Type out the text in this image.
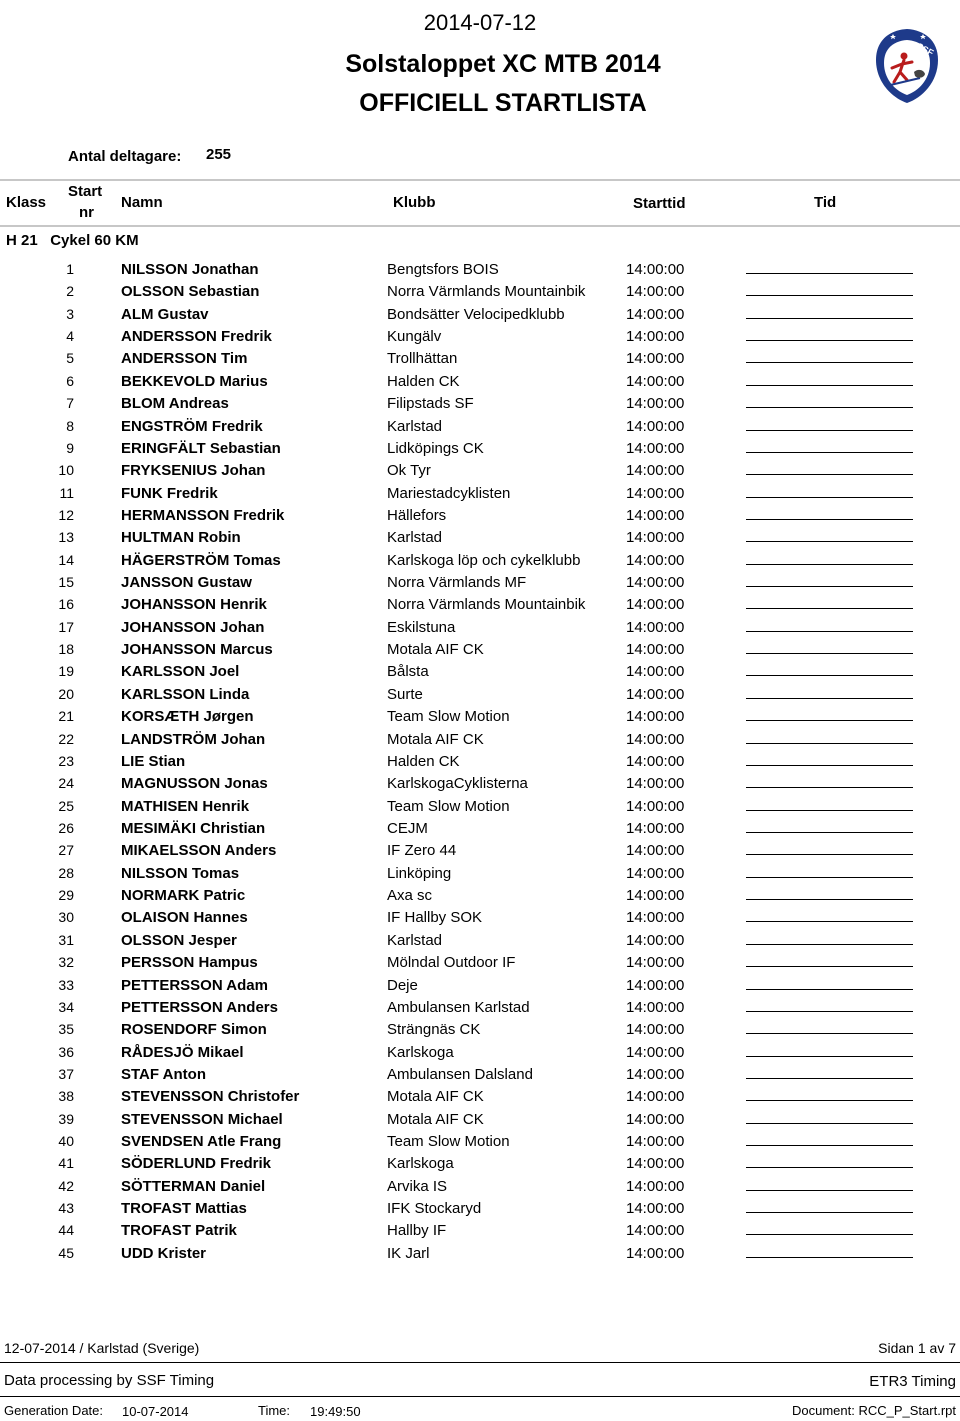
2014-07-12
Solstaloppet XC MTB 2014
OFFICIELL STARTLISTA
SSF
Antal deltagare: 255
Klass
Start
nr
Namn	Klubb	Starttid	Tid
H 21 Cykel 60 KM
1	NILSSON Jonathan	Bengtsfors BOIS	14:00:00
2	OLSSON Sebastian	Norra Värmlands Mountainbik	14:00:00
3	ALM Gustav	Bondsätter Velocipedklubb	14:00:00
4	ANDERSSON Fredrik	Kungälv	14:00:00
5	ANDERSSON Tim	Trollhättan	14:00:00
6	BEKKEVOLD Marius	Halden CK	14:00:00
7	BLOM Andreas	Filipstads SF	14:00:00
8	ENGSTRÖM Fredrik	Karlstad	14:00:00
9	ERINGFÄLT Sebastian	Lidköpings CK	14:00:00
10	FRYKSENIUS Johan	Ok Tyr	14:00:00
11	FUNK Fredrik	Mariestadcyklisten	14:00:00
12	HERMANSSON Fredrik	Hällefors	14:00:00
13	HULTMAN Robin	Karlstad	14:00:00
14	HÄGERSTRÖM Tomas	Karlskoga löp och cykelklubb	14:00:00
15	JANSSON Gustaw	Norra Värmlands MF	14:00:00
16	JOHANSSON Henrik	Norra Värmlands Mountainbik	14:00:00
17	JOHANSSON Johan	Eskilstuna	14:00:00
18	JOHANSSON Marcus	Motala AIF CK	14:00:00
19	KARLSSON Joel	Bålsta	14:00:00
20	KARLSSON Linda	Surte	14:00:00
21	KORSÆTH Jørgen	Team Slow Motion	14:00:00
22	LANDSTRÖM Johan	Motala AIF CK	14:00:00
23	LIE Stian	Halden CK	14:00:00
24	MAGNUSSON Jonas	KarlskogaCyklisterna	14:00:00
25	MATHISEN Henrik	Team Slow Motion	14:00:00
26	MESIMÄKI Christian	CEJM	14:00:00
27	MIKAELSSON Anders	IF Zero 44	14:00:00
28	NILSSON Tomas	Linköping	14:00:00
29	NORMARK Patric	Axa sc	14:00:00
30	OLAISON Hannes	IF Hallby SOK	14:00:00
31	OLSSON Jesper	Karlstad	14:00:00
32	PERSSON Hampus	Mölndal Outdoor IF	14:00:00
33	PETTERSSON Adam	Deje	14:00:00
34	PETTERSSON Anders	Ambulansen Karlstad	14:00:00
35	ROSENDORF Simon	Strängnäs CK	14:00:00
36	RÅDESJÖ Mikael	Karlskoga	14:00:00
37	STAF Anton	Ambulansen Dalsland	14:00:00
38	STEVENSSON Christofer	Motala AIF CK	14:00:00
39	STEVENSSON Michael	Motala AIF CK	14:00:00
40	SVENDSEN Atle Frang	Team Slow Motion	14:00:00
41	SÖDERLUND Fredrik	Karlskoga	14:00:00
42	SÖTTERMAN Daniel	Arvika IS	14:00:00
43	TROFAST Mattias	IFK Stockaryd	14:00:00
44	TROFAST Patrik	Hallby IF	14:00:00
45	UDD Krister	IK Jarl	14:00:00
12-07-2014 / Karlstad (Sverige)	Sidan 1 av 7
Data processing by SSF Timing	ETR3 Timing
Generation Date: 10-07-2014	Time: 19:49:50	Document: RCC_P_Start.rpt
